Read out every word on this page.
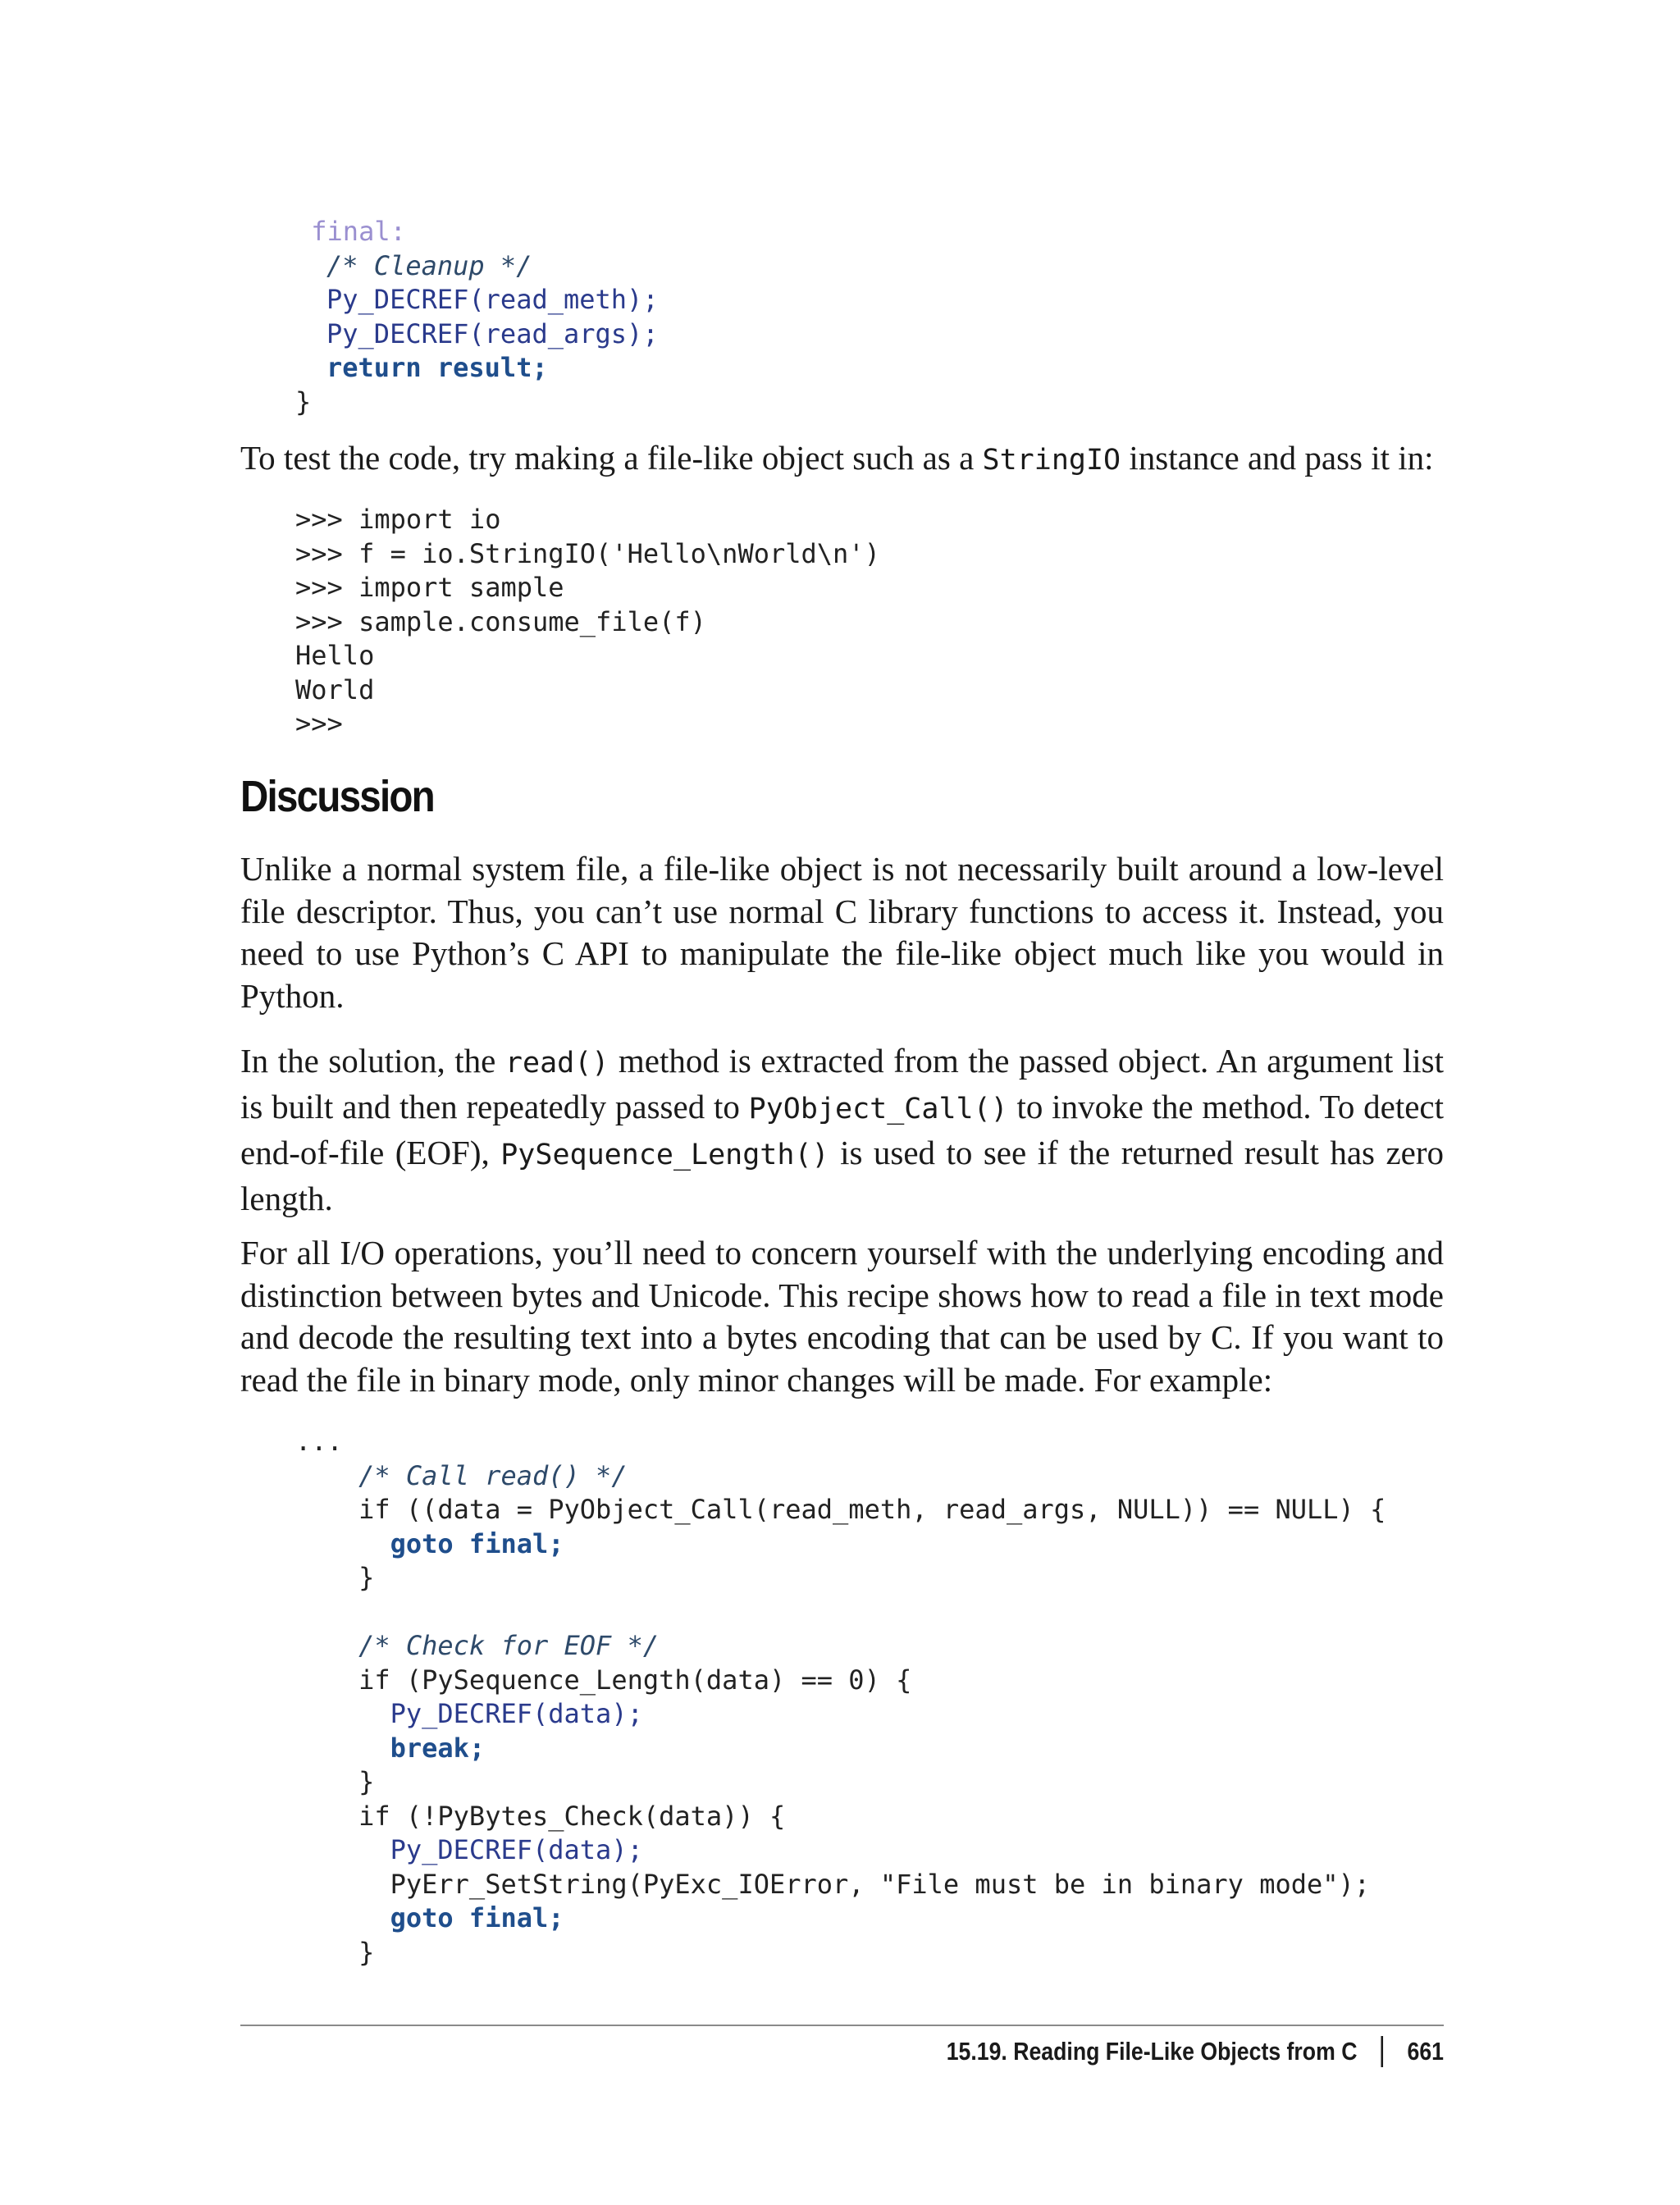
final:
/* Cleanup */
Py_DECREF(read_meth);
Py_DECREF(read_args);
return result;
}

To test the code, try making a file-like object such as a StringIO instance and pass it in:

>>> import io
>>> f = io.StringIO('Hello\nWorld\n')
>>> import sample
>>> sample.consume_file(f)
Hello
World
>>>
Discussion

Unlike a normal system file, a file-like object is not necessarily built around a low-level file descriptor. Thus, you can’t use normal C library functions to access it. Instead, you need to use Python’s C API to manipulate the file-like object much like you would in Python.

In the solution, the read() method is extracted from the passed object. An argument list is built and then repeatedly passed to PyObject_Call() to invoke the method. To detect end-of-file (EOF), PySequence_Length() is used to see if the returned result has zero length.

For all I/O operations, you’ll need to concern yourself with the underlying encoding and distinction between bytes and Unicode. This recipe shows how to read a file in text mode and decode the resulting text into a bytes encoding that can be used by C. If you want to read the file in binary mode, only minor changes will be made. For example:

...
/* Call read() */
if ((data = PyObject_Call(read_meth, read_args, NULL)) == NULL) {
goto final;
}
/* Check for EOF */
if (PySequence_Length(data) == 0) {
Py_DECREF(data);
break;
}
if (!PyBytes_Check(data)) {
Py_DECREF(data);
PyErr_SetString(PyExc_IOError, "File must be in binary mode");
goto final;
}
15.19. Reading File-Like Objects from C 661
